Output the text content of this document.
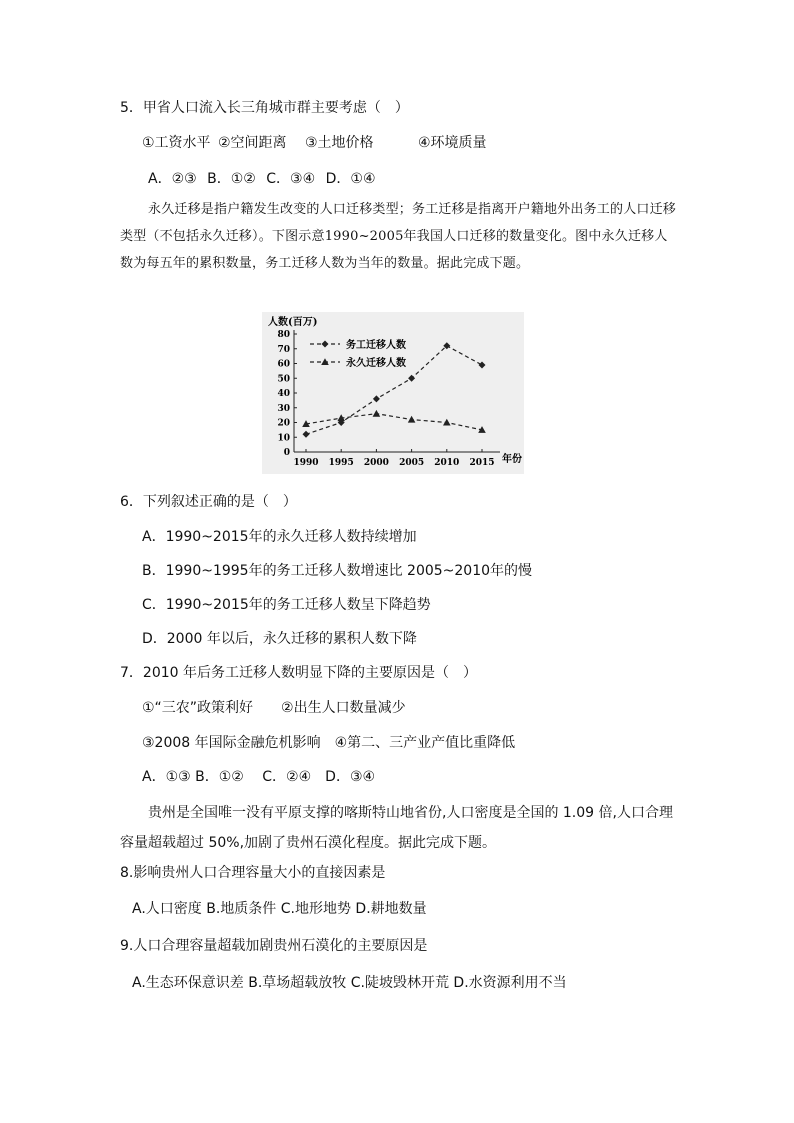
5．甲省人口流入长三角城市群主要考虑（　）
①工资水平 ②空间距离 ③土地价格	④环境质量
A．②③ B．①② C．③④ D．①④
永久迁移是指户籍发生改变的人口迁移类型；务工迁移是指离开户籍地外出务工的人口迁移类型（不包括永久迁移）。下图示意1990~2005年我国人口迁移的数量变化。图中永久迁移人数为每五年的累积数量，务工迁移人数为当年的数量。据此完成下题。
人数(百万)
年份
0
10
20
30
40
50
60
70
80
1990 1995 2000 2005 2010 2015
务工迁移人数
永久迁移人数
6．下列叙述正确的是（　）
A．1990~2015年的永久迁移人数持续增加
B．1990~1995年的务工迁移人数增速比 2005~2010年的慢
C．1990~2015年的务工迁移人数呈下降趋势
D．2000 年以后，永久迁移的累积人数下降
7．2010 年后务工迁移人数明显下降的主要原因是（　）
①“三农”政策利好　　②出生人口数量减少
③2008 年国际金融危机影响　④第二、三产业产值比重降低
A．①③ B．①②　 C．②④　D．③④
贵州是全国唯一没有平原支撑的喀斯特山地省份,人口密度是全国的 1.09 倍,人口合理容量超载超过 50%,加剧了贵州石漠化程度。据此完成下题。
8.影响贵州人口合理容量大小的直接因素是
A.人口密度 B.地质条件 C.地形地势 D.耕地数量
9.人口合理容量超载加剧贵州石漠化的主要原因是
A.生态环保意识差 B.草场超载放牧 C.陡坡毁林开荒 D.水资源利用不当
